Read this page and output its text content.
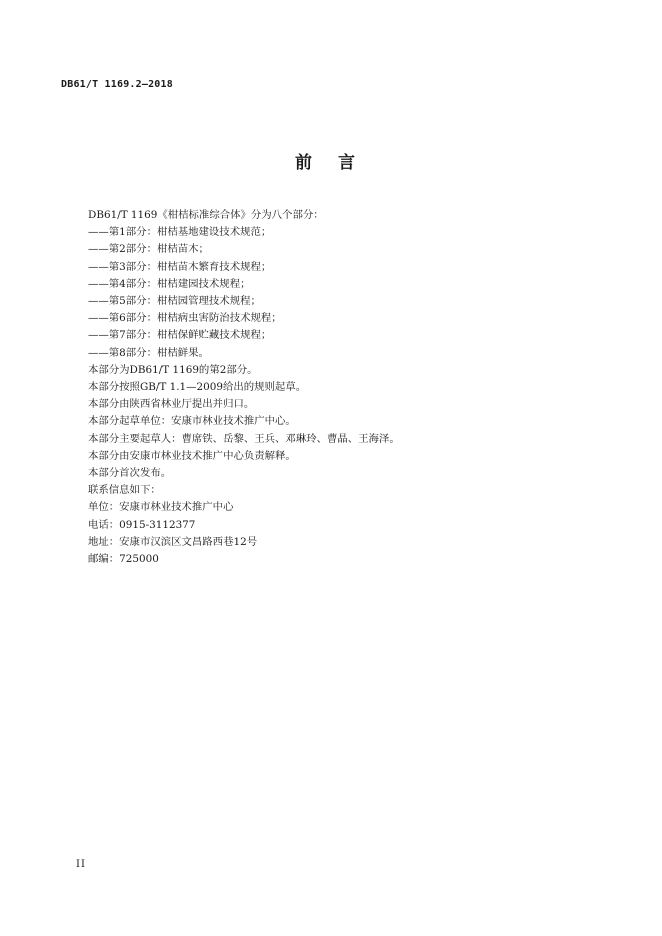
DB61/T 1169.2—2018
前言
DB61/T 1169《柑桔标准综合体》分为八个部分：
——第1部分：柑桔基地建设技术规范；
——第2部分：柑桔苗木；
——第3部分：柑桔苗木繁育技术规程；
——第4部分：柑桔建园技术规程；
——第5部分：柑桔园管理技术规程；
——第6部分：柑桔病虫害防治技术规程；
——第7部分：柑桔保鲜贮藏技术规程；
——第8部分：柑桔鲜果。
本部分为DB61/T 1169的第2部分。
本部分按照GB/T 1.1—2009给出的规则起草。
本部分由陕西省林业厅提出并归口。
本部分起草单位：安康市林业技术推广中心。
本部分主要起草人：曹席铁、岳黎、王兵、邓琳玲、曹晶、王海泽。
本部分由安康市林业技术推广中心负责解释。
本部分首次发布。
联系信息如下：
单位：安康市林业技术推广中心
电话：0915-3112377
地址：安康市汉滨区文昌路西巷12号
邮编：725000
II
